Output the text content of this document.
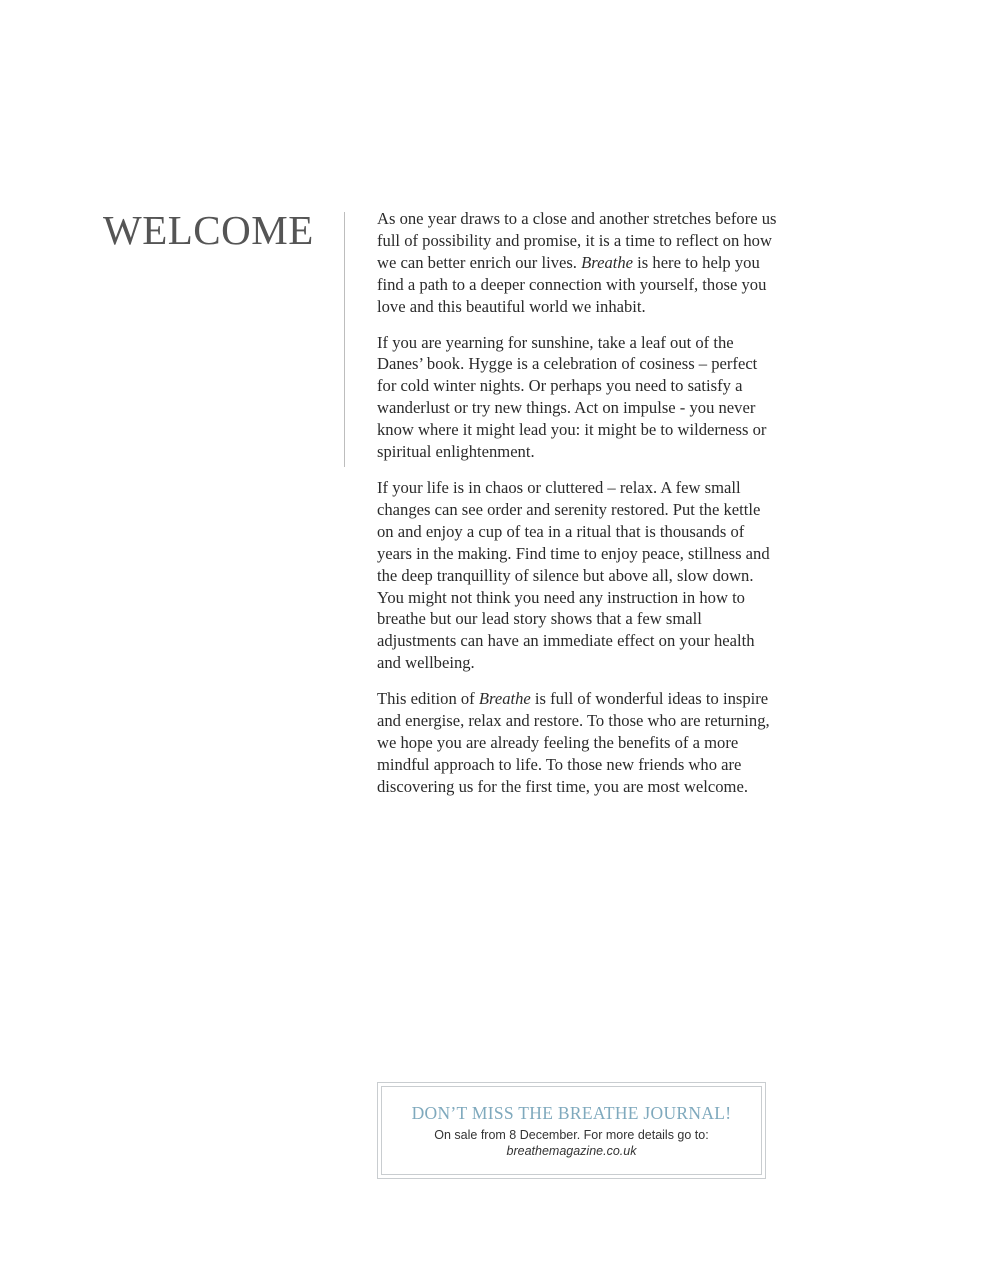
WELCOME	As one year draws to a close and another stretches before us full of possibility and promise, it is a time to reflect on how we can better enrich our lives. Breathe is here to help you find a path to a deeper connection with yourself, those you love and this beautiful world we inhabit.

If you are yearning for sunshine, take a leaf out of the Danes’ book. Hygge is a celebration of cosiness – perfect for cold winter nights. Or perhaps you need to satisfy a wanderlust or try new things. Act on impulse - you never know where it might lead you: it might be to wilderness or spiritual enlightenment.

If your life is in chaos or cluttered – relax. A few small changes can see order and serenity restored. Put the kettle on and enjoy a cup of tea in a ritual that is thousands of years in the making. Find time to enjoy peace, stillness and the deep tranquillity of silence but above all, slow down. You might not think you need any instruction in how to breathe but our lead story shows that a few small adjustments can have an immediate effect on your health and wellbeing.

This edition of Breathe is full of wonderful ideas to inspire and energise, relax and restore. To those who are returning, we hope you are already feeling the benefits of a more mindful approach to life. To those new friends who are discovering us for the first time, you are most welcome.

DON’T MISS THE BREATHE JOURNAL!
On sale from 8 December. For more details go to:
breathemagazine.co.uk
